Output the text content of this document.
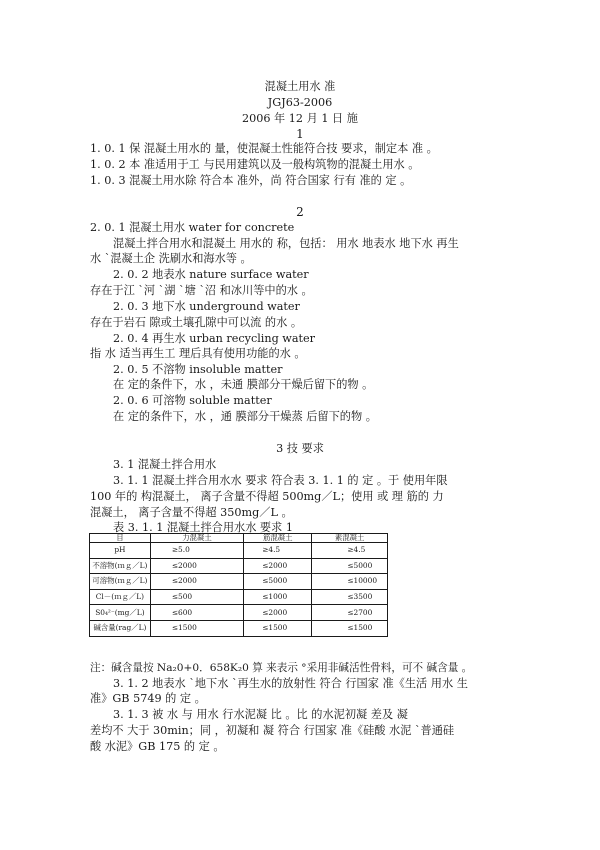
混凝土用水 准
JGJ63-2006
2006 年 12 月 1 日 施
1
1. 0. 1 保 混凝土用水的 量，使混凝土性能符合技 要求，制定本 准 。
1. 0. 2 本 准适用于工 与民用建筑以及一般构筑物的混凝土用水 。
1. 0. 3 混凝土用水除 符合本 准外，尚 符合国家 行有 准的 定 。
2
2. 0. 1 混凝土用水 water for concrete
混凝土拌合用水和混凝土 用水的 称，包括： 用水 地表水 地下水 再生
水 `混凝土企 洗刷水和海水等 。
2. 0. 2 地表水 nature surface water
存在于江 `河 `湖 `塘 `沼 和冰川等中的水 。
2. 0. 3 地下水 underground water
存在于岩石 隙或土壤孔隙中可以流 的水 。
2. 0. 4 再生水 urban recycling water
指 水 适当再生工 理后具有使用功能的水 。
2. 0. 5 不溶物 insoluble matter
在 定的条件下，水 ，未通 膜部分干燥后留下的物 。
2. 0. 6 可溶物 soluble matter
在 定的条件下，水 ，通 膜部分干燥蒸 后留下的物 。
3 技 要求
3. 1 混凝土拌合用水
3. 1. 1 混凝土拌合用水水 要求 符合表 3. 1. 1 的 定 。于 使用年限
100 年的 构混凝土， 离子含量不得超 500mg／L；使用 或 理 筋的 力
混凝土， 离子含量不得超 350mg／L 。
表 3. 1. 1 混凝土拌合用水水 要求 1
目	力混凝土	筋混凝土	素混凝土
pH	≥5.0	≥4.5	≥4.5
不溶物(ｍｇ／L)	≤2000	≤2000	≤5000
可溶物(ｍｇ／L)	≤2000	≤5000	≤10000
Cl－(ｍｇ／L)	≤500	≤1000	≤3500
S0₄²⁻(mg／L)	≤600	≤2000	≤2700
碱含量(rag／L)	≤1500	≤1500	≤1500
注：碱含量按 Na₂0+0．658K₂0 算 来表示 °采用非碱活性骨料，可不 碱含量 。
3. 1. 2 地表水 `地下水 `再生水的放射性 符合 行国家 准《生活 用水 生
准》GB 5749 的 定 。
3. 1. 3 被 水 与 用水 行水泥凝 比 。比 的水泥初凝 差及 凝
差均不 大于 30min；同 ，初凝和 凝 符合 行国家 准《硅酸 水泥 `普通硅
酸 水泥》GB 175 的 定 。
